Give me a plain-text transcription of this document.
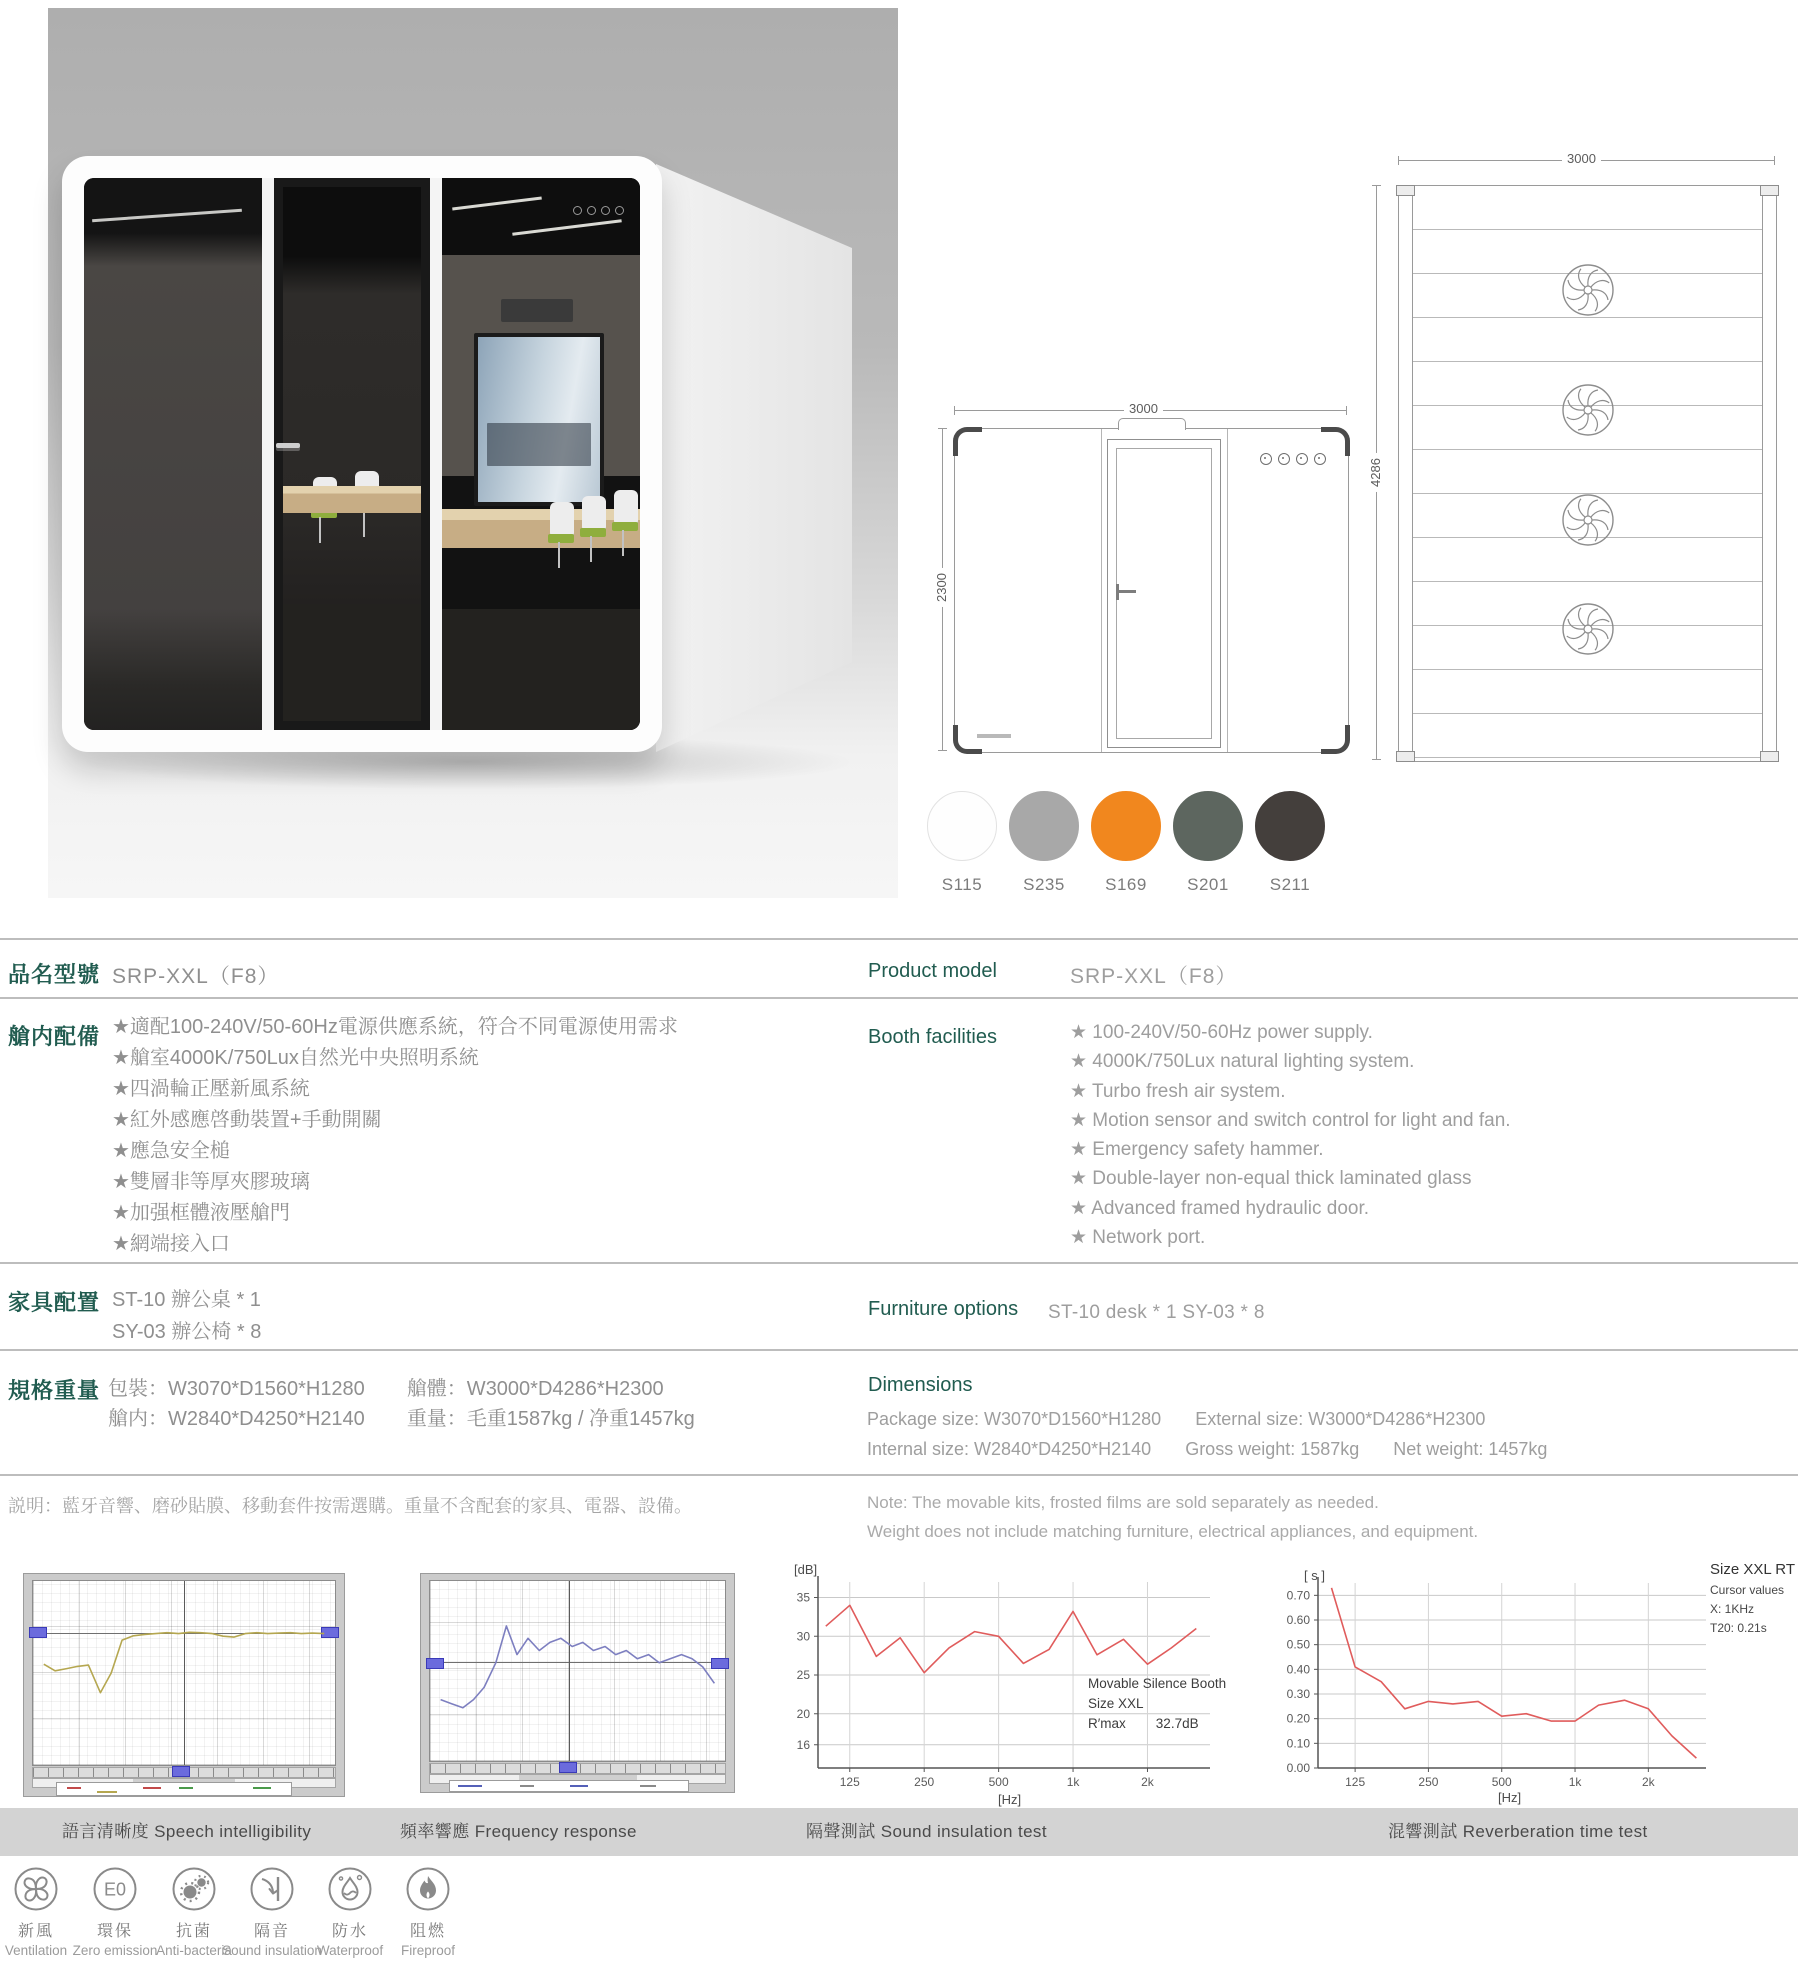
3000
2300
3000
4286
S115	S235	S169	S201	S211
品名型號 SRP-XXL（F8）	Product model	SRP-XXL（F8）
艙内配備 ★適配100-240V/50-60Hz電源供應系統，符合不同電源使用需求
★艙室4000K/750Lux自然光中央照明系統
★四渦輪正壓新風系統
★紅外感應啓動裝置+手動開關
★應急安全槌
★雙層非等厚夾膠玻璃
★加强框體液壓艙門
★網端接入口
Booth facilities	★ 100-240V/50-60Hz power supply.
★ 4000K/750Lux natural lighting system.
★ Turbo fresh air system.
★ Motion sensor and switch control for light and fan.
★ Emergency safety hammer.
★ Double-layer non-equal thick laminated glass
★ Advanced framed hydraulic door.
★ Network port.
家具配置 ST-10 辦公桌 * 1
SY-03 辦公椅 * 8
Furniture options ST-10 desk * 1 SY-03 * 8
規格重量 包裝：W3070*D1560*H1280 艙體：W3000*D4286*H2300
艙内：W2840*D4250*H2140 重量：毛重1587kg / 净重1457kg
Dimensions
Package size: W3070*D1560*H1280 External size: W3000*D4286*H2300
Internal size: W2840*D4250*H2140 Gross weight: 1587kg Net weight: 1457kg
説明：藍牙音響、磨砂貼膜、移動套件按需選購。重量不含配套的家具、電器、設備。	Note: The movable kits, frosted films are sold separately as needed.
Weight does not include matching furniture, electrical appliances, and equipment.
[dB]
35
30
25
20
16
125	250	500	1k	2k
[Hz]
Movable Silence Booth
Size XXL
R′max 32.7dB
[ s ]
0.70
0.60
0.50
0.40
0.30
0.20
0.10
0.00
125	250	500	1k	2k
[Hz]
Size XXL RT
Cursor values
X: 1KHz
T20: 0.21s
語言清晰度 Speech intelligibility	頻率響應 Frequency response	隔聲測試 Sound insulation test	混響測試 Reverberation time test
新風
Ventilation
E0
環保
Zero emission
抗菌
Anti-bacteria
隔音
Sound insulation
防水
Waterproof
阻燃
Fireproof
